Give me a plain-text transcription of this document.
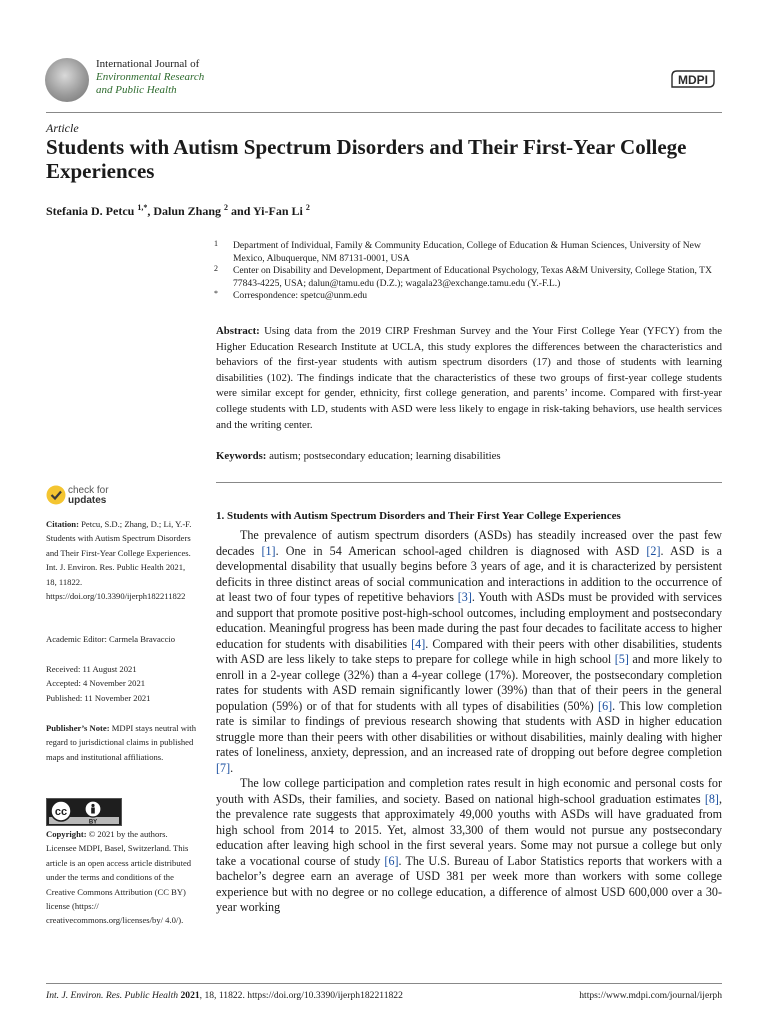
International Journal of
Environmental Research
and Public Health
MDPI
Article
Students with Autism Spectrum Disorders and Their First-Year College Experiences
Stefania D. Petcu $^{1,*}$, Dalun Zhang $^2$ and Yi-Fan Li $^2$
1 Department of Individual, Family & Community Education, College of Education & Human Sciences, University of New Mexico, Albuquerque, NM 87131-0001, USA
2 Center on Disability and Development, Department of Educational Psychology, Texas A&M University, College Station, TX 77843-4225, USA; dalun@tamu.edu (D.Z.); wagala23@exchange.tamu.edu (Y.-F.L.)
* Correspondence: spetcu@unm.edu
Abstract: Using data from the 2019 CIRP Freshman Survey and the Your First College Year (YFCY) from the Higher Education Research Institute at UCLA, this study explores the differences between the characteristics and behaviors of the first-year students with autism spectrum disorders (17) and those of students with learning disabilities (102). The findings indicate that the characteristics of these two groups of first-year college students were similar except for gender, ethnicity, first college generation, and parents’ income. Compared with first-year college students with LD, students with ASD were less likely to engage in risk-taking behaviors, use health services and the writing center.
Keywords: autism; postsecondary education; learning disabilities
check for
updates
Citation: Petcu, S.D.; Zhang, D.; Li, Y.-F. Students with Autism Spectrum Disorders and Their First-Year College Experiences. Int. J. Environ. Res. Public Health 2021, 18, 11822. https://doi.org/10.3390/ijerph182211822
Academic Editor: Carmela Bravaccio
Received: 11 August 2021
Accepted: 4 November 2021
Published: 11 November 2021
Publisher’s Note: MDPI stays neutral with regard to jurisdictional claims in published maps and institutional affiliations.
cc
BY
Copyright: © 2021 by the authors. Licensee MDPI, Basel, Switzerland. This article is an open access article distributed under the terms and conditions of the Creative Commons Attribution (CC BY) license (https:// creativecommons.org/licenses/by/ 4.0/).
1. Students with Autism Spectrum Disorders and Their First Year College Experiences

The prevalence of autism spectrum disorders (ASDs) has steadily increased over the past few decades [1]. One in 54 American school-aged children is diagnosed with ASD [2]. ASD is a developmental disability that usually begins before 3 years of age, and it is characterized by persistent deficits in three distinct areas of social communication and interactions in addition to the occurrence of at least two of four types of repetitive behaviors [3]. Youth with ASDs must be provided with services and support that promote positive post-high-school outcomes, including employment and postsecondary education. Meaningful progress has been made during the past four decades to facilitate access to higher education for students with disabilities [4]. Compared with their peers with other disabilities, students with ASD are less likely to take steps to prepare for college while in high school [5] and more likely to enroll in a 2-year college (32%) than a 4-year college (17%). Moreover, the postsecondary completion rates for students with ASD remain significantly lower (39%) than that of their peers in the general population (59%) or of that for students with all types of disabilities (50%) [6]. This low completion rate is similar to findings of previous research showing that students with ASD in higher education struggle more than their peers with other disabilities or without disabilities, mainly dealing with higher rates of loneliness, anxiety, depression, and an increased rate of dropping out before degree completion [7].

The low college participation and completion rates result in high economic and personal costs for youth with ASDs, their families, and society. Based on national high-school graduation estimates [8], the prevalence rate suggests that approximately 49,000 youths with ASDs will have graduated from high school from 2014 to 2015. Yet, almost 33,300 of them would not pursue any postsecondary education after leaving high school in the first several years. Some may not pursue a college but only take a vocational course of study [6]. The U.S. Bureau of Labor Statistics reports that workers with a bachelor’s degree earn an average of USD 381 per week more than workers with some college experience but with no degree or no college education, a difference of almost USD 600,000 over a 30-year working

Int. J. Environ. Res. Public Health 2021, 18, 11822. https://doi.org/10.3390/ijerph182211822	https://www.mdpi.com/journal/ijerph
